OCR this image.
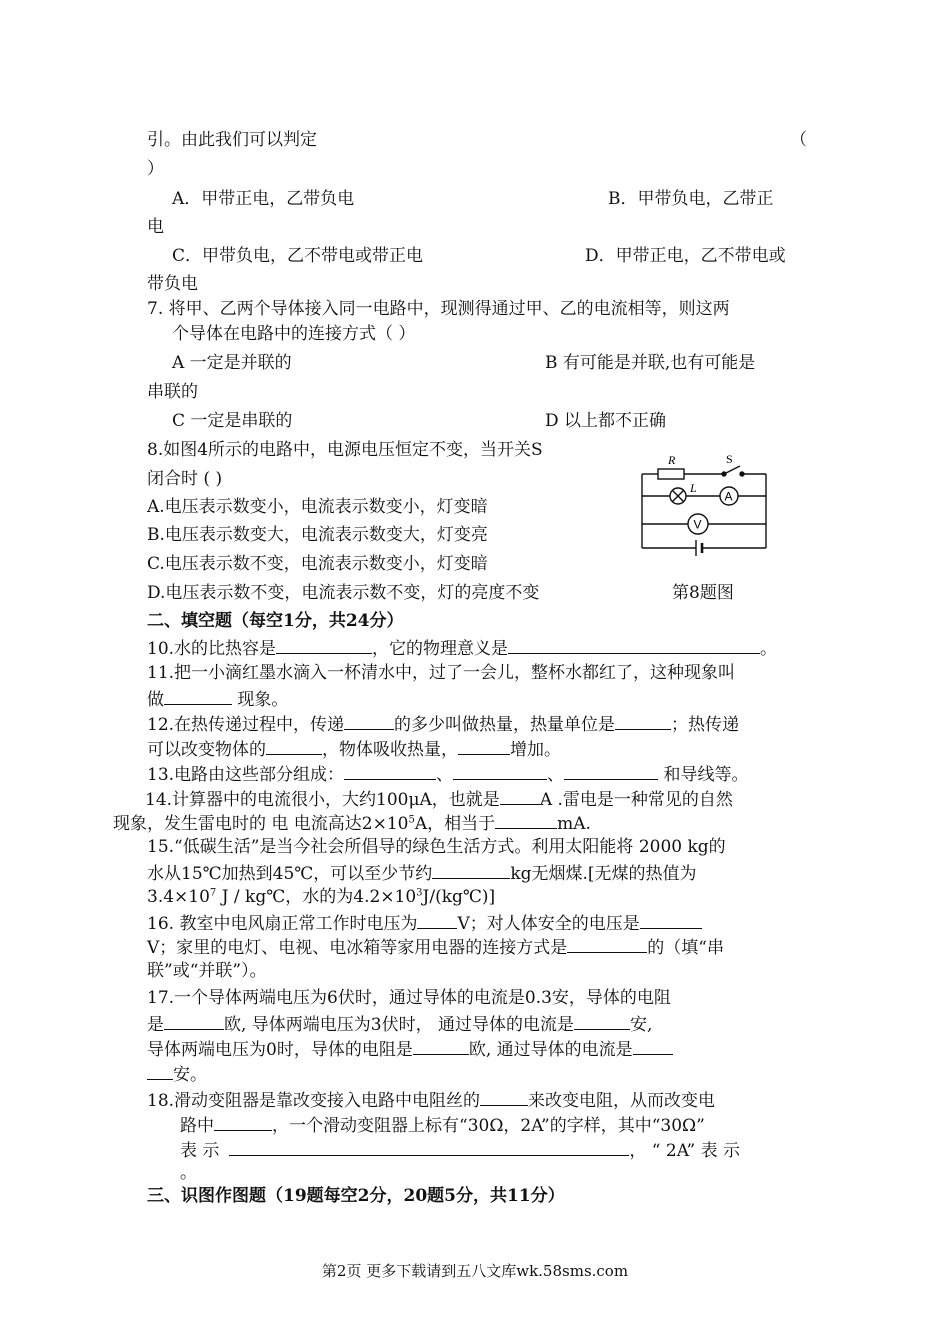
引。由此我们可以判定	（
）
A．甲带正电，乙带负电	B．甲带负电，乙带正
电
C．甲带负电，乙不带电或带正电	D．甲带正电，乙不带电或
带负电
7. 将甲、乙两个导体接入同一电路中，现测得通过甲、乙的电流相等，则这两
个导体在电路中的连接方式（ ）
A 一定是并联的	B 有可能是并联,也有可能是
串联的
C 一定是串联的	D 以上都不正确
8.如图4所示的电路中，电源电压恒定不变，当开关S
闭合时 ( )
A.电压表示数变小，电流表示数变小，灯变暗
B.电压表示数变大，电流表示数变大，灯变亮
C.电压表示数不变，电流表示数变小，灯变暗
D.电压表示数不变，电流表示数不变，灯的亮度不变
R	S
L
A
V
第8题图
二、填空题（每空1分，共24分）
10.水的比热容是	，它的物理意义是	。
11.把一小滴红墨水滴入一杯清水中，过了一会儿，整杯水都红了，这种现象叫
做	现象。
12.在热传递过程中，传递	的多少叫做热量，热量单位是	；热传递
可以改变物体的	，物体吸收热量，	增加。
13.电路由这些部分组成：	、	、	和导线等。
14.计算器中的电流很小，大约100μA，也就是 A .雷电是一种常见的自然
现象，发生雷电时的 电 电流高达$2\times 10^5A$，相当于	mA.
15.“低碳生活”是当今社会所倡导的绿色生活方式。利用太阳能将 2000 kg的
水从15℃加热到45℃，可以至少节约	kg无烟煤.[无煤的热值为
$3.4\times 10^7$ J / kg℃，水的为$4.2\times 10^3J/(kg℃)$]
16. 教室中电风扇正常工作时电压为 V；对人体安全的电压是
V；家里的电灯、电视、电冰箱等家用电器的连接方式是	的（填“串
联”或“并联”）。
17.一个导体两端电压为6伏时，通过导体的电流是0.3安，导体的电阻
是	欧, 导体两端电压为3伏时， 通过导体的电流是	安,
导体两端电压为0时，导体的电阻是	欧, 通过导体的电流是
安。
18.滑动变阻器是靠改变接入电路中电阻丝的	来改变电阻，从而改变电
路中	，一个滑动变阻器上标有“30Ω，2A”的字样，其中“30Ω”
表 示	， “ 2A” 表 示
。
三、识图作图题（19题每空2分，20题5分，共11分）
第2页 更多下载请到五八文库wk.58sms.com
